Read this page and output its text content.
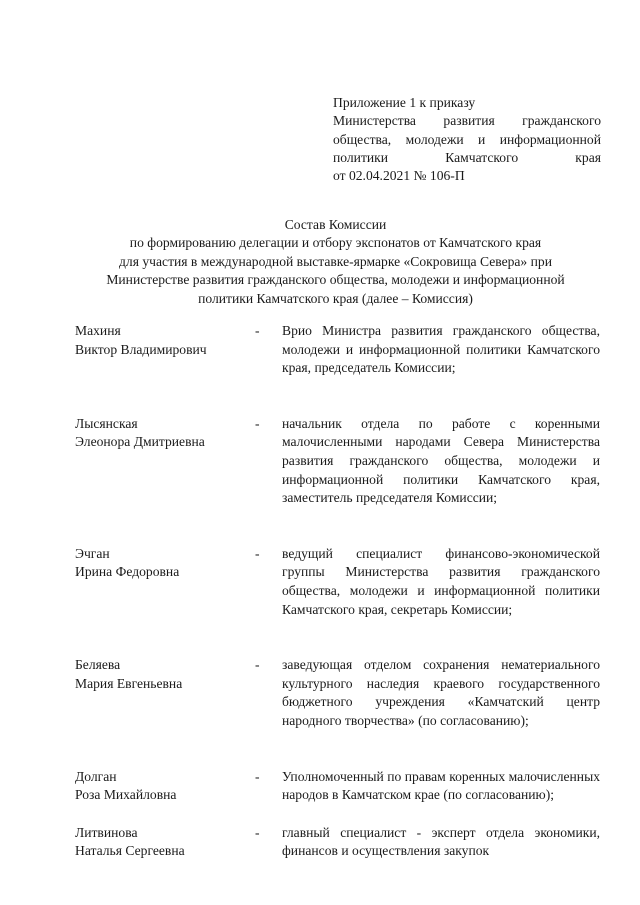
Приложение 1 к приказу
Министерства развития гражданского
общества, молодежи и информационной
политики Камчатского края
от 02.04.2021 № 106-П
Состав Комиссии
по формированию делегации и отбору экспонатов от Камчатского края
для участия в международной выставке-ярмарке «Сокровища Севера» при
Министерстве развития гражданского общества, молодежи и информационной
политики Камчатского края (далее – Комиссия)
Махиня
Виктор Владимирович
- Врио Министра развития гражданского общества, молодежи и информационной политики Камчатского края, председатель Комиссии;
Лысянская
Элеонора Дмитриевна
- начальник отдела по работе с коренными малочисленными народами Севера Министерства развития гражданского общества, молодежи и информационной политики Камчатского края, заместитель председателя Комиссии;
Эчган
Ирина Федоровна
- ведущий специалист финансово-экономической группы Министерства развития гражданского общества, молодежи и информационной политики Камчатского края, секретарь Комиссии;
Беляева
Мария Евгеньевна
- заведующая отделом сохранения нематериального культурного наследия краевого государственного бюджетного учреждения «Камчатский центр народного творчества» (по согласованию);
Долган
Роза Михайловна
- Уполномоченный по правам коренных малочисленных народов в Камчатском крае (по согласованию);
Литвинова
Наталья Сергеевна
- главный специалист - эксперт отдела экономики, финансов и осуществления закупок
